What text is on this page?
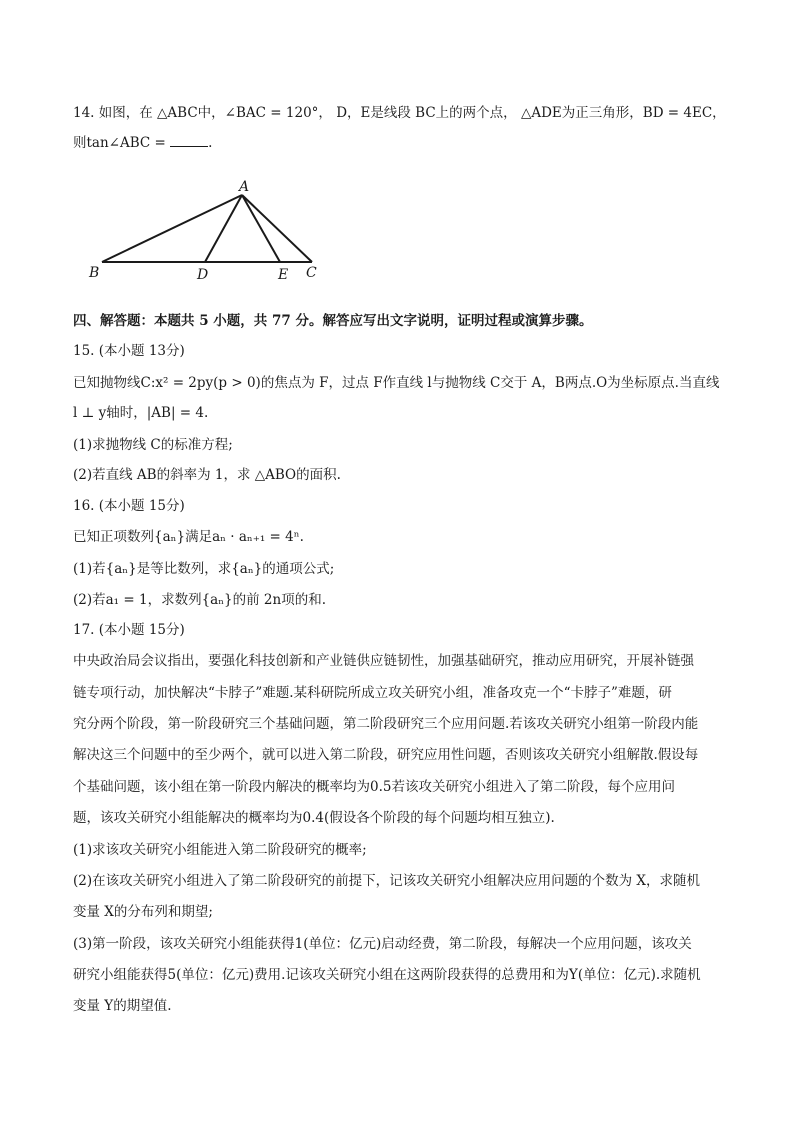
14. 如图，在 △ABC中，∠BAC = 120°， D，E是线段 BC上的两个点， △ADE为正三角形，BD = 4EC，
则tan∠ABC =	.
A
B	D	E C
四、解答题：本题共 5 小题，共 77 分。解答应写出文字说明，证明过程或演算步骤。
15. (本小题 13分)
已知抛物线C:x² = 2py(p > 0)的焦点为 F，过点 F作直线 l与抛物线 C交于 A，B两点.O为坐标原点.当直线
l ⊥ y轴时，|AB| = 4.
(1)求抛物线 C的标准方程;
(2)若直线 AB的斜率为 1，求 △ABO的面积.
16. (本小题 15分)
已知正项数列{aₙ}满足aₙ · aₙ₊₁ = 4ⁿ.
(1)若{aₙ}是等比数列，求{aₙ}的通项公式;
(2)若a₁ = 1，求数列{aₙ}的前 2n项的和.
17. (本小题 15分)
中央政治局会议指出，要强化科技创新和产业链供应链韧性，加强基础研究，推动应用研究，开展补链强
链专项行动，加快解决“卡脖子”难题.某科研院所成立攻关研究小组，准备攻克一个“卡脖子”难题，研
究分两个阶段，第一阶段研究三个基础问题，第二阶段研究三个应用问题.若该攻关研究小组第一阶段内能
解决这三个问题中的至少两个，就可以进入第二阶段，研究应用性问题，否则该攻关研究小组解散.假设每
个基础问题，该小组在第一阶段内解决的概率均为0.5若该攻关研究小组进入了第二阶段，每个应用问
题，该攻关研究小组能解决的概率均为0.4(假设各个阶段的每个问题均相互独立).
(1)求该攻关研究小组能进入第二阶段研究的概率;
(2)在该攻关研究小组进入了第二阶段研究的前提下，记该攻关研究小组解决应用问题的个数为 X，求随机
变量 X的分布列和期望;
(3)第一阶段，该攻关研究小组能获得1(单位：亿元)启动经费，第二阶段，每解决一个应用问题，该攻关
研究小组能获得5(单位：亿元)费用.记该攻关研究小组在这两阶段获得的总费用和为Y(单位：亿元).求随机
变量 Y的期望值.
